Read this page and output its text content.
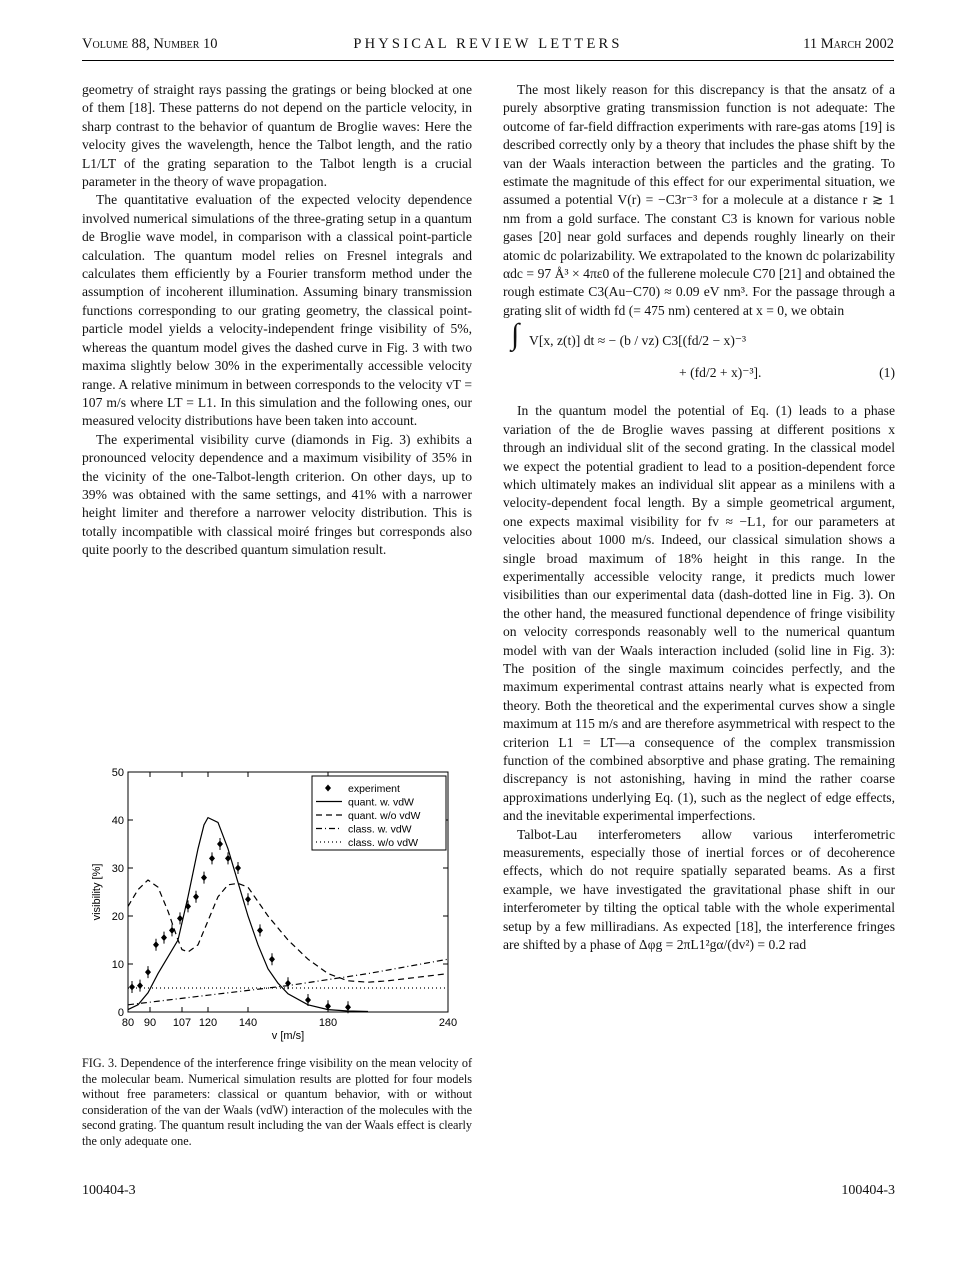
Volume 88, Number 10	PHYSICAL REVIEW LETTERS	11 March 2002

geometry of straight rays passing the gratings or being blocked at one of them [18]. These patterns do not depend on the particle velocity, in sharp contrast to the behavior of quantum de Broglie waves: Here the velocity gives the wavelength, hence the Talbot length, and the ratio L1/LT of the grating separation to the Talbot length is a crucial parameter in the theory of wave propagation.

The quantitative evaluation of the expected velocity dependence involved numerical simulations of the three-grating setup in a quantum de Broglie wave model, in comparison with a classical point-particle calculation. The quantum model relies on Fresnel integrals and calculates them efficiently by a Fourier transform method under the assumption of incoherent illumination. Assuming binary transmission functions corresponding to our grating geometry, the classical point-particle model yields a velocity-independent fringe visibility of 5%, whereas the quantum model gives the dashed curve in Fig. 3 with two maxima slightly below 30% in the experimentally accessible velocity range. A relative minimum in between corresponds to the velocity vT = 107 m/s where LT = L1. In this simulation and the following ones, our measured velocity distributions have been taken into account.

The experimental visibility curve (diamonds in Fig. 3) exhibits a pronounced velocity dependence and a maximum visibility of 35% in the vicinity of the one-Talbot-length criterion. On other days, up to 39% was obtained with the same settings, and 41% with a narrower height limiter and therefore a narrower velocity distribution. This is totally incompatible with classical moiré fringes but corresponds also quite poorly to the described quantum simulation result.

0
10
20
30
40
50
80 90 107 120 140	180	240
v [m/s]
visibility [%]
experiment
quant. w. vdW
quant. w/o vdW
class. w. vdW
class. w/o vdW
FIG. 3. Dependence of the interference fringe visibility on the mean velocity of the molecular beam. Numerical simulation results are plotted for four models without free parameters: classical or quantum behavior, with or without consideration of the van der Waals (vdW) interaction of the molecules with the second grating. The quantum result including the van der Waals effect is clearly the only adequate one.

The most likely reason for this discrepancy is that the ansatz of a purely absorptive grating transmission function is not adequate: The outcome of far-field diffraction experiments with rare-gas atoms [19] is described correctly only by a theory that includes the phase shift by the van der Waals interaction between the particles and the grating. To estimate the magnitude of this effect for our experimental situation, we assumed a potential V(r) = −C3r⁻³ for a molecule at a distance r ≳ 1 nm from a gold surface. The constant C3 is known for various noble gases [20] near gold surfaces and depends roughly linearly on their atomic dc polarizability. We extrapolated to the known dc polarizability αdc = 97 Å³ × 4πε0 of the fullerene molecule C70 [21] and obtained the rough estimate C3(Au−C70) ≈ 0.09 eV nm³. For the passage through a grating slit of width fd (= 475 nm) centered at x = 0, we obtain

∫ V[x, z(t)] dt ≈ − (b / vz) C3[(fd/2 − x)⁻³
+ (fd/2 + x)⁻³].	(1)

In the quantum model the potential of Eq. (1) leads to a phase variation of the de Broglie waves passing at different positions x through an individual slit of the second grating. In the classical model we expect the potential gradient to lead to a position-dependent force which ultimately makes an individual slit appear as a minilens with a velocity-dependent focal length. By a simple geometrical argument, one expects maximal visibility for fv ≈ −L1, for our parameters at velocities about 1000 m/s. Indeed, our classical simulation shows a single broad maximum of 18% height in this range. In the experimentally accessible velocity range, it predicts much lower visibilities than our experimental data (dash-dotted line in Fig. 3). On the other hand, the measured functional dependence of fringe visibility on velocity corresponds reasonably well to the numerical quantum model with van der Waals interaction included (solid line in Fig. 3): The position of the single maximum coincides perfectly, and the maximum experimental contrast attains nearly what is expected from theory. Both the theoretical and the experimental curves show a single maximum at 115 m/s and are therefore asymmetrical with respect to the criterion L1 = LT—a consequence of the complex transmission function of the combined absorptive and phase grating. The remaining discrepancy is not astonishing, having in mind the rather coarse approximations underlying Eq. (1), such as the neglect of edge effects, and the inevitable experimental imperfections.

Talbot-Lau interferometers allow various interferometric measurements, especially those of inertial forces or of decoherence effects, which do not require spatially separated beams. As a first example, we have investigated the gravitational phase shift in our interferometer by tilting the optical table with the whole experimental setup by a few milliradians. As expected [18], the interference fringes are shifted by a phase of Δφg = 2πL1²gα/(dv²) = 0.2 rad

100404-3	100404-3
